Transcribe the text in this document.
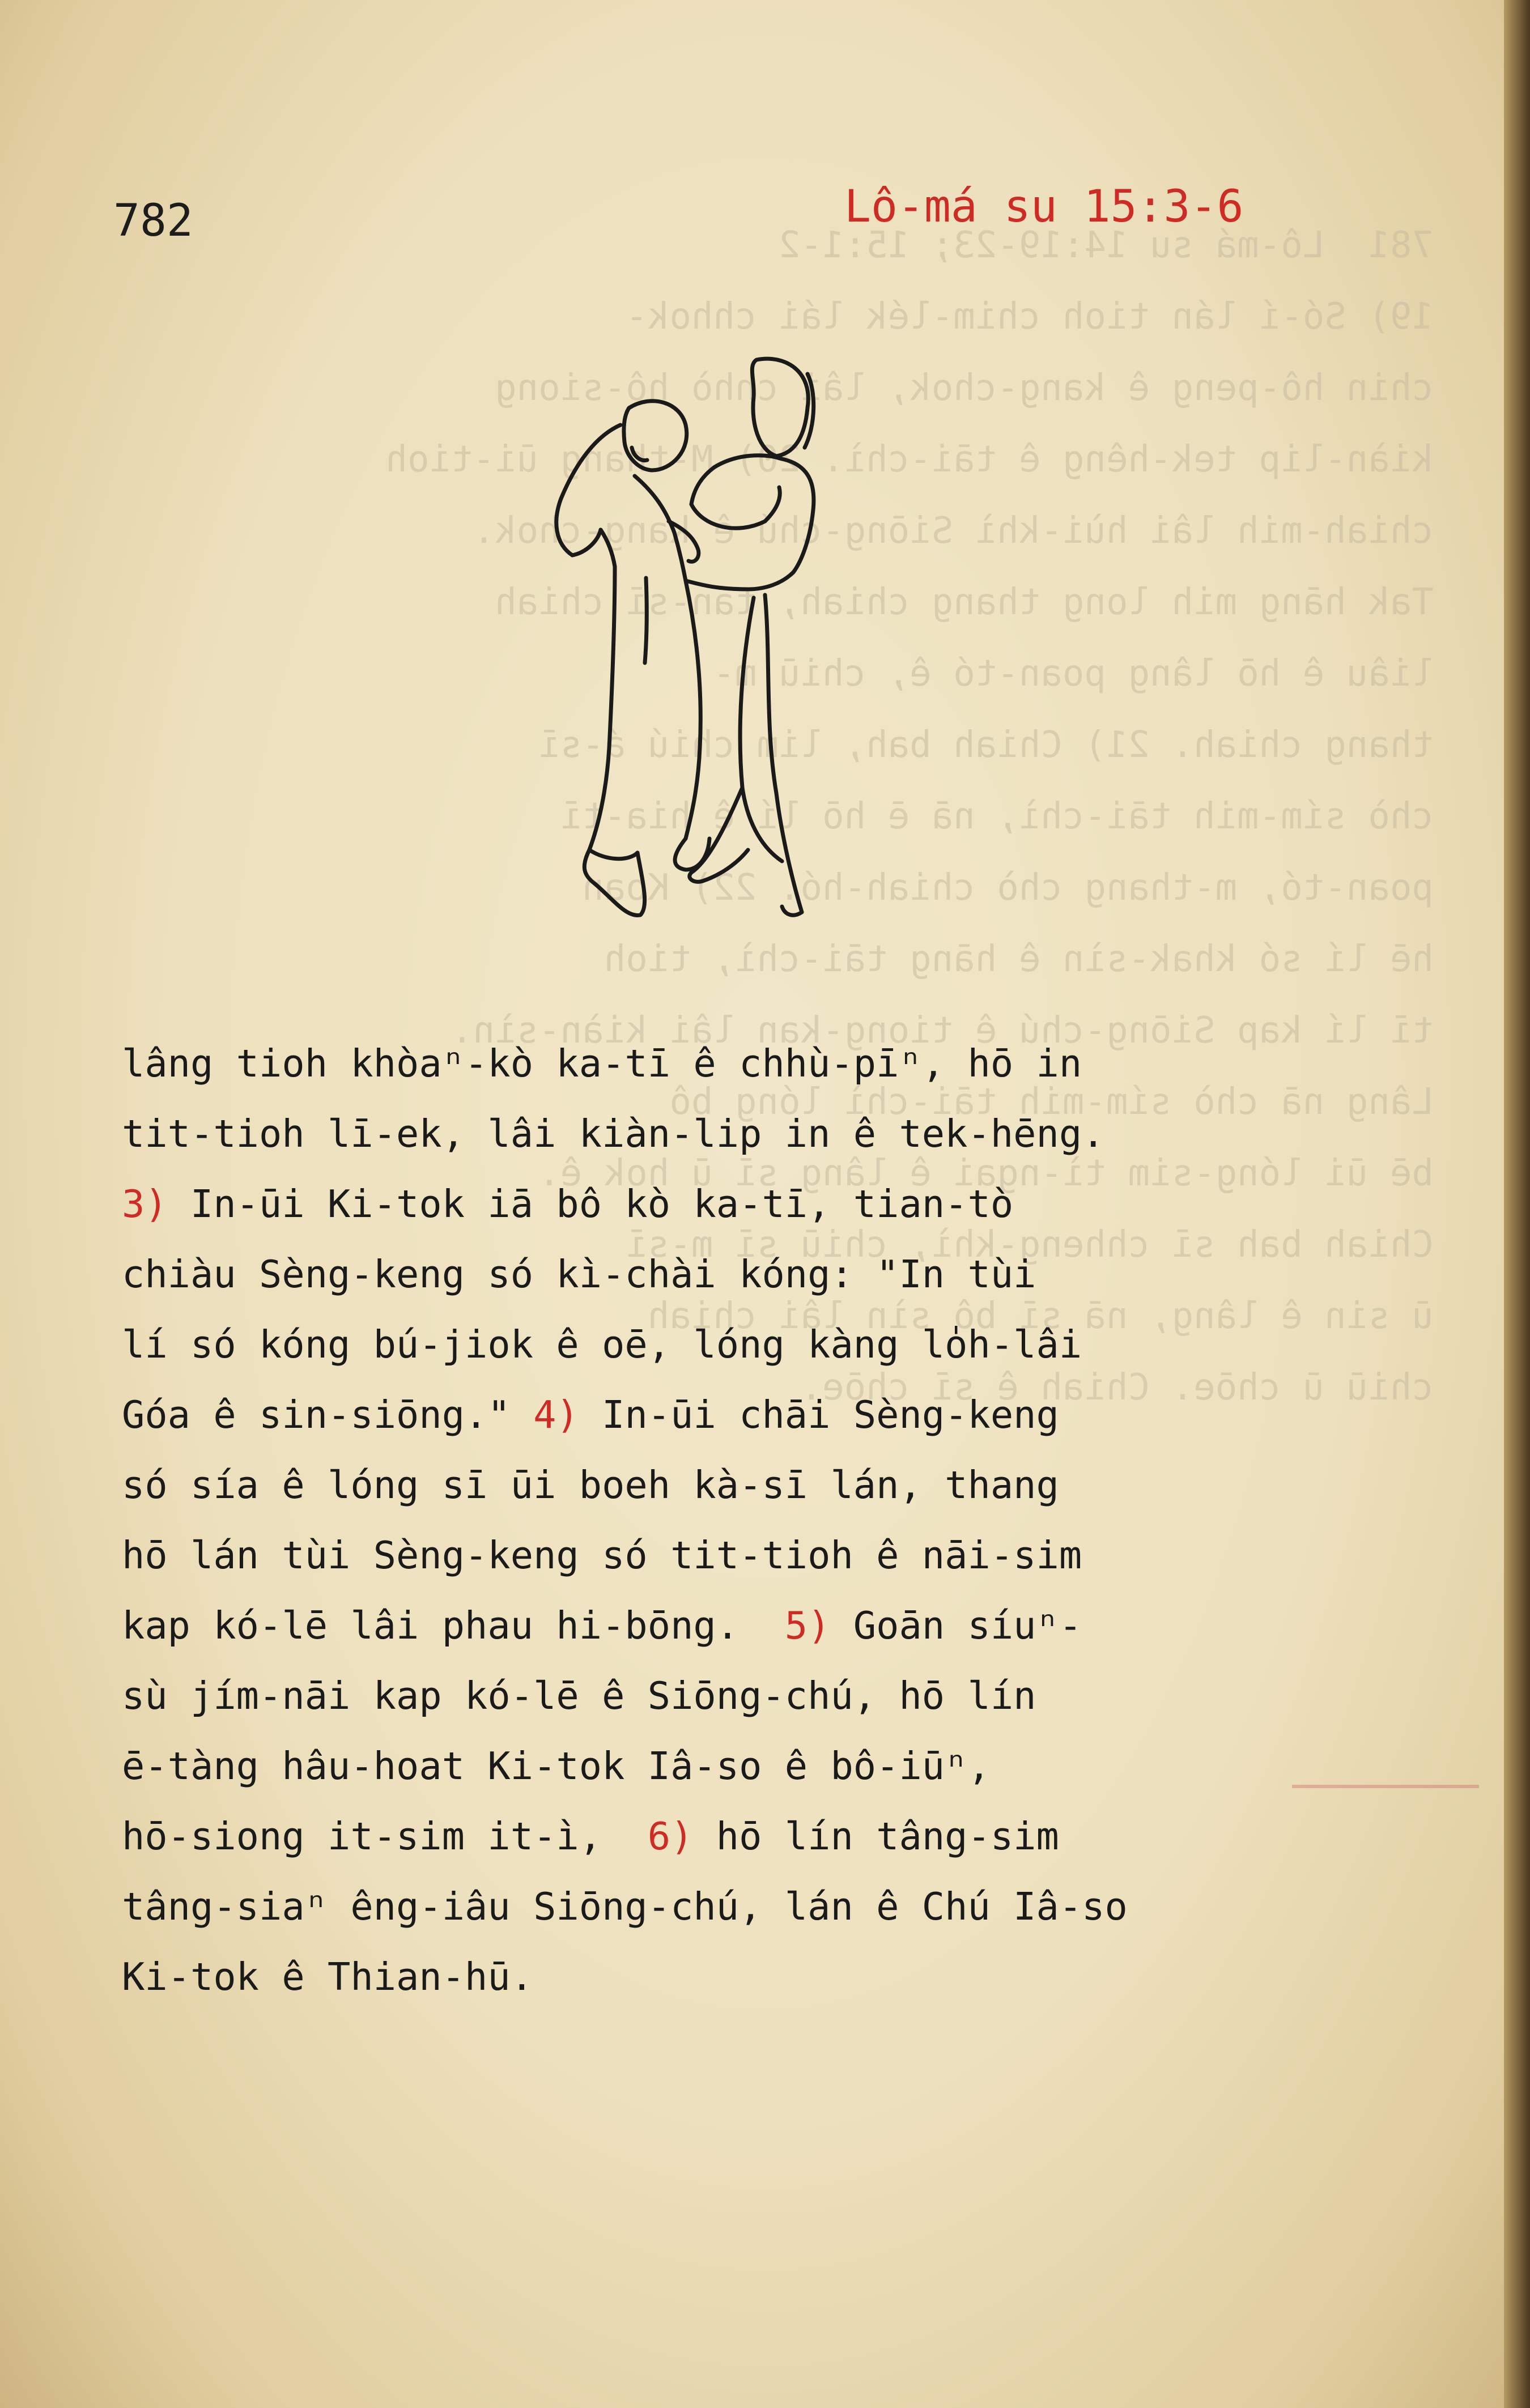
781  Lô-má su 14:19-23; 15:1-2
19) Só-í lán tioh chim-lék lái chhok-
chin hô-peng ê kang-chok, lâi chhò hô-siong
kiàn-lip tek-hêng ê tāi-chì. 20) M-thang ūi-tioh
chiah-mih lâi hùi-khì Siōng-chú ê kang-chok.
Tak hāng mih long thang chiah, tān-sī chiah
liâu ê hō lâng poan-tó ê, chiū m-
thang chiah. 21) Chiah bah, lim chiú á-sī
chò sím-mih tāi-chì, nā ē hō lí ê hia-tī
poan-tó, m-thang chò chiah-hó. 22) Koan
hē lí só khak-sìn ê hāng tāi-chì, tioh
tī lí kap Siōng-chú ê tiong-kan lâi kiàn-sìn.
Lâng nā chò sím-mih tāi-chì lóng bô
bē ūi lóng-sim tì-ngai ê lâng sī ū hok ê.
Chiah bah sī chheng-khì, chiū sī m-sī
ū sin ê lâng, nā sī bô sìn lâi chiah
chiū ū chōe. Chiah ê sī chōe.
782	Lô-má su 15:3-6
lâng tioh khòaⁿ-kò ka-tī ê chhù-pīⁿ, hō in
tit-tioh lī-ek, lâi kiàn-lip in ê tek-hēng.
3) In-ūi Ki-tok iā bô kò ka-tī, tian-tò
chiàu Sèng-keng só kì-chài kóng: "In tùi
lí só kóng bú-jiok ê oē, lóng kàng lo̍h-lâi
Góa ê sin-siōng." 4) In-ūi chāi Sèng-keng
só sía ê lóng sī ūi boeh kà-sī lán, thang
hō lán tùi Sèng-keng só tit-tioh ê nāi-sim
kap kó-lē lâi phau hi-bōng.  5) Goān síuⁿ-
sù jím-nāi kap kó-lē ê Siōng-chú, hō lín
ē-tàng hâu-hoat Ki-tok Iâ-so ê bô-iūⁿ,
hō-siong it-sim it-ì,  6) hō lín tâng-sim
tâng-siaⁿ êng-iâu Siōng-chú, lán ê Chú Iâ-so
Ki-tok ê Thian-hū.
